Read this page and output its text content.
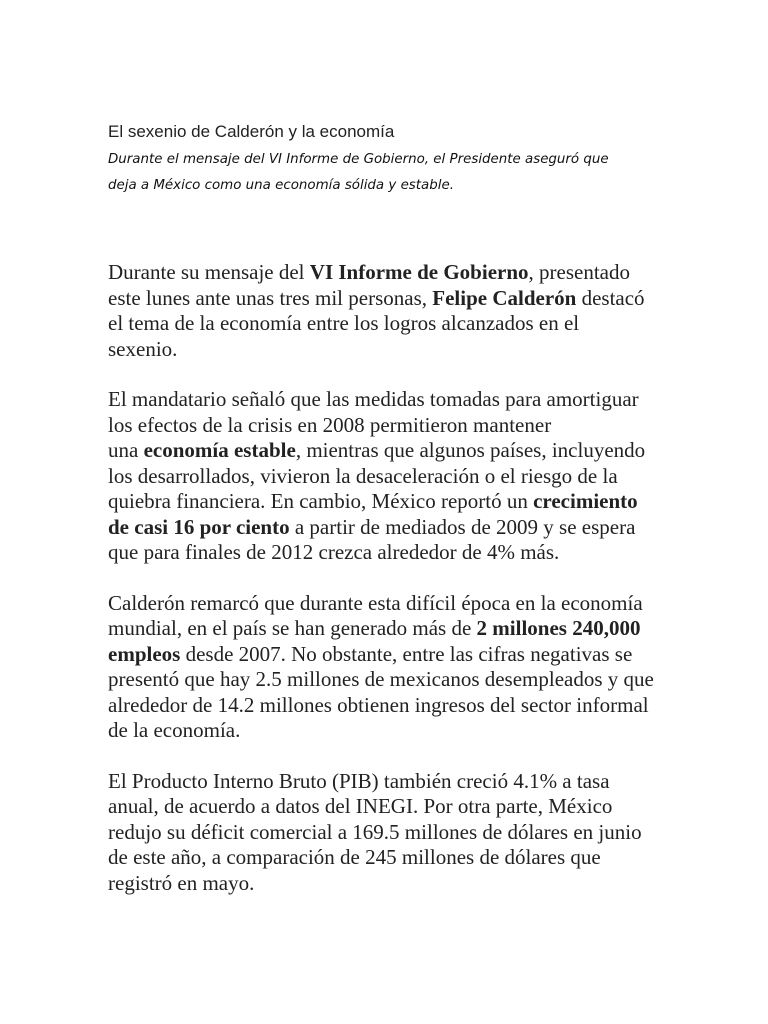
El sexenio de Calderón y la economía
Durante el mensaje del VI Informe de Gobierno, el Presidente aseguró que
deja a México como una economía sólida y estable.

Durante su mensaje del VI Informe de Gobierno, presentado
este lunes ante unas tres mil personas, Felipe Calderón destacó
el tema de la economía entre los logros alcanzados en el
sexenio.

El mandatario señaló que las medidas tomadas para amortiguar
los efectos de la crisis en 2008 permitieron mantener
una economía estable, mientras que algunos países, incluyendo
los desarrollados, vivieron la desaceleración o el riesgo de la
quiebra financiera. En cambio, México reportó un crecimiento
de casi 16 por ciento a partir de mediados de 2009 y se espera
que para finales de 2012 crezca alrededor de 4% más.

Calderón remarcó que durante esta difícil época en la economía
mundial, en el país se han generado más de 2 millones 240,000
empleos desde 2007. No obstante, entre las cifras negativas se
presentó que hay 2.5 millones de mexicanos desempleados y que
alrededor de 14.2 millones obtienen ingresos del sector informal
de la economía.

El Producto Interno Bruto (PIB) también creció 4.1% a tasa
anual, de acuerdo a datos del INEGI. Por otra parte, México
redujo su déficit comercial a 169.5 millones de dólares en junio
de este año, a comparación de 245 millones de dólares que
registró en mayo.
